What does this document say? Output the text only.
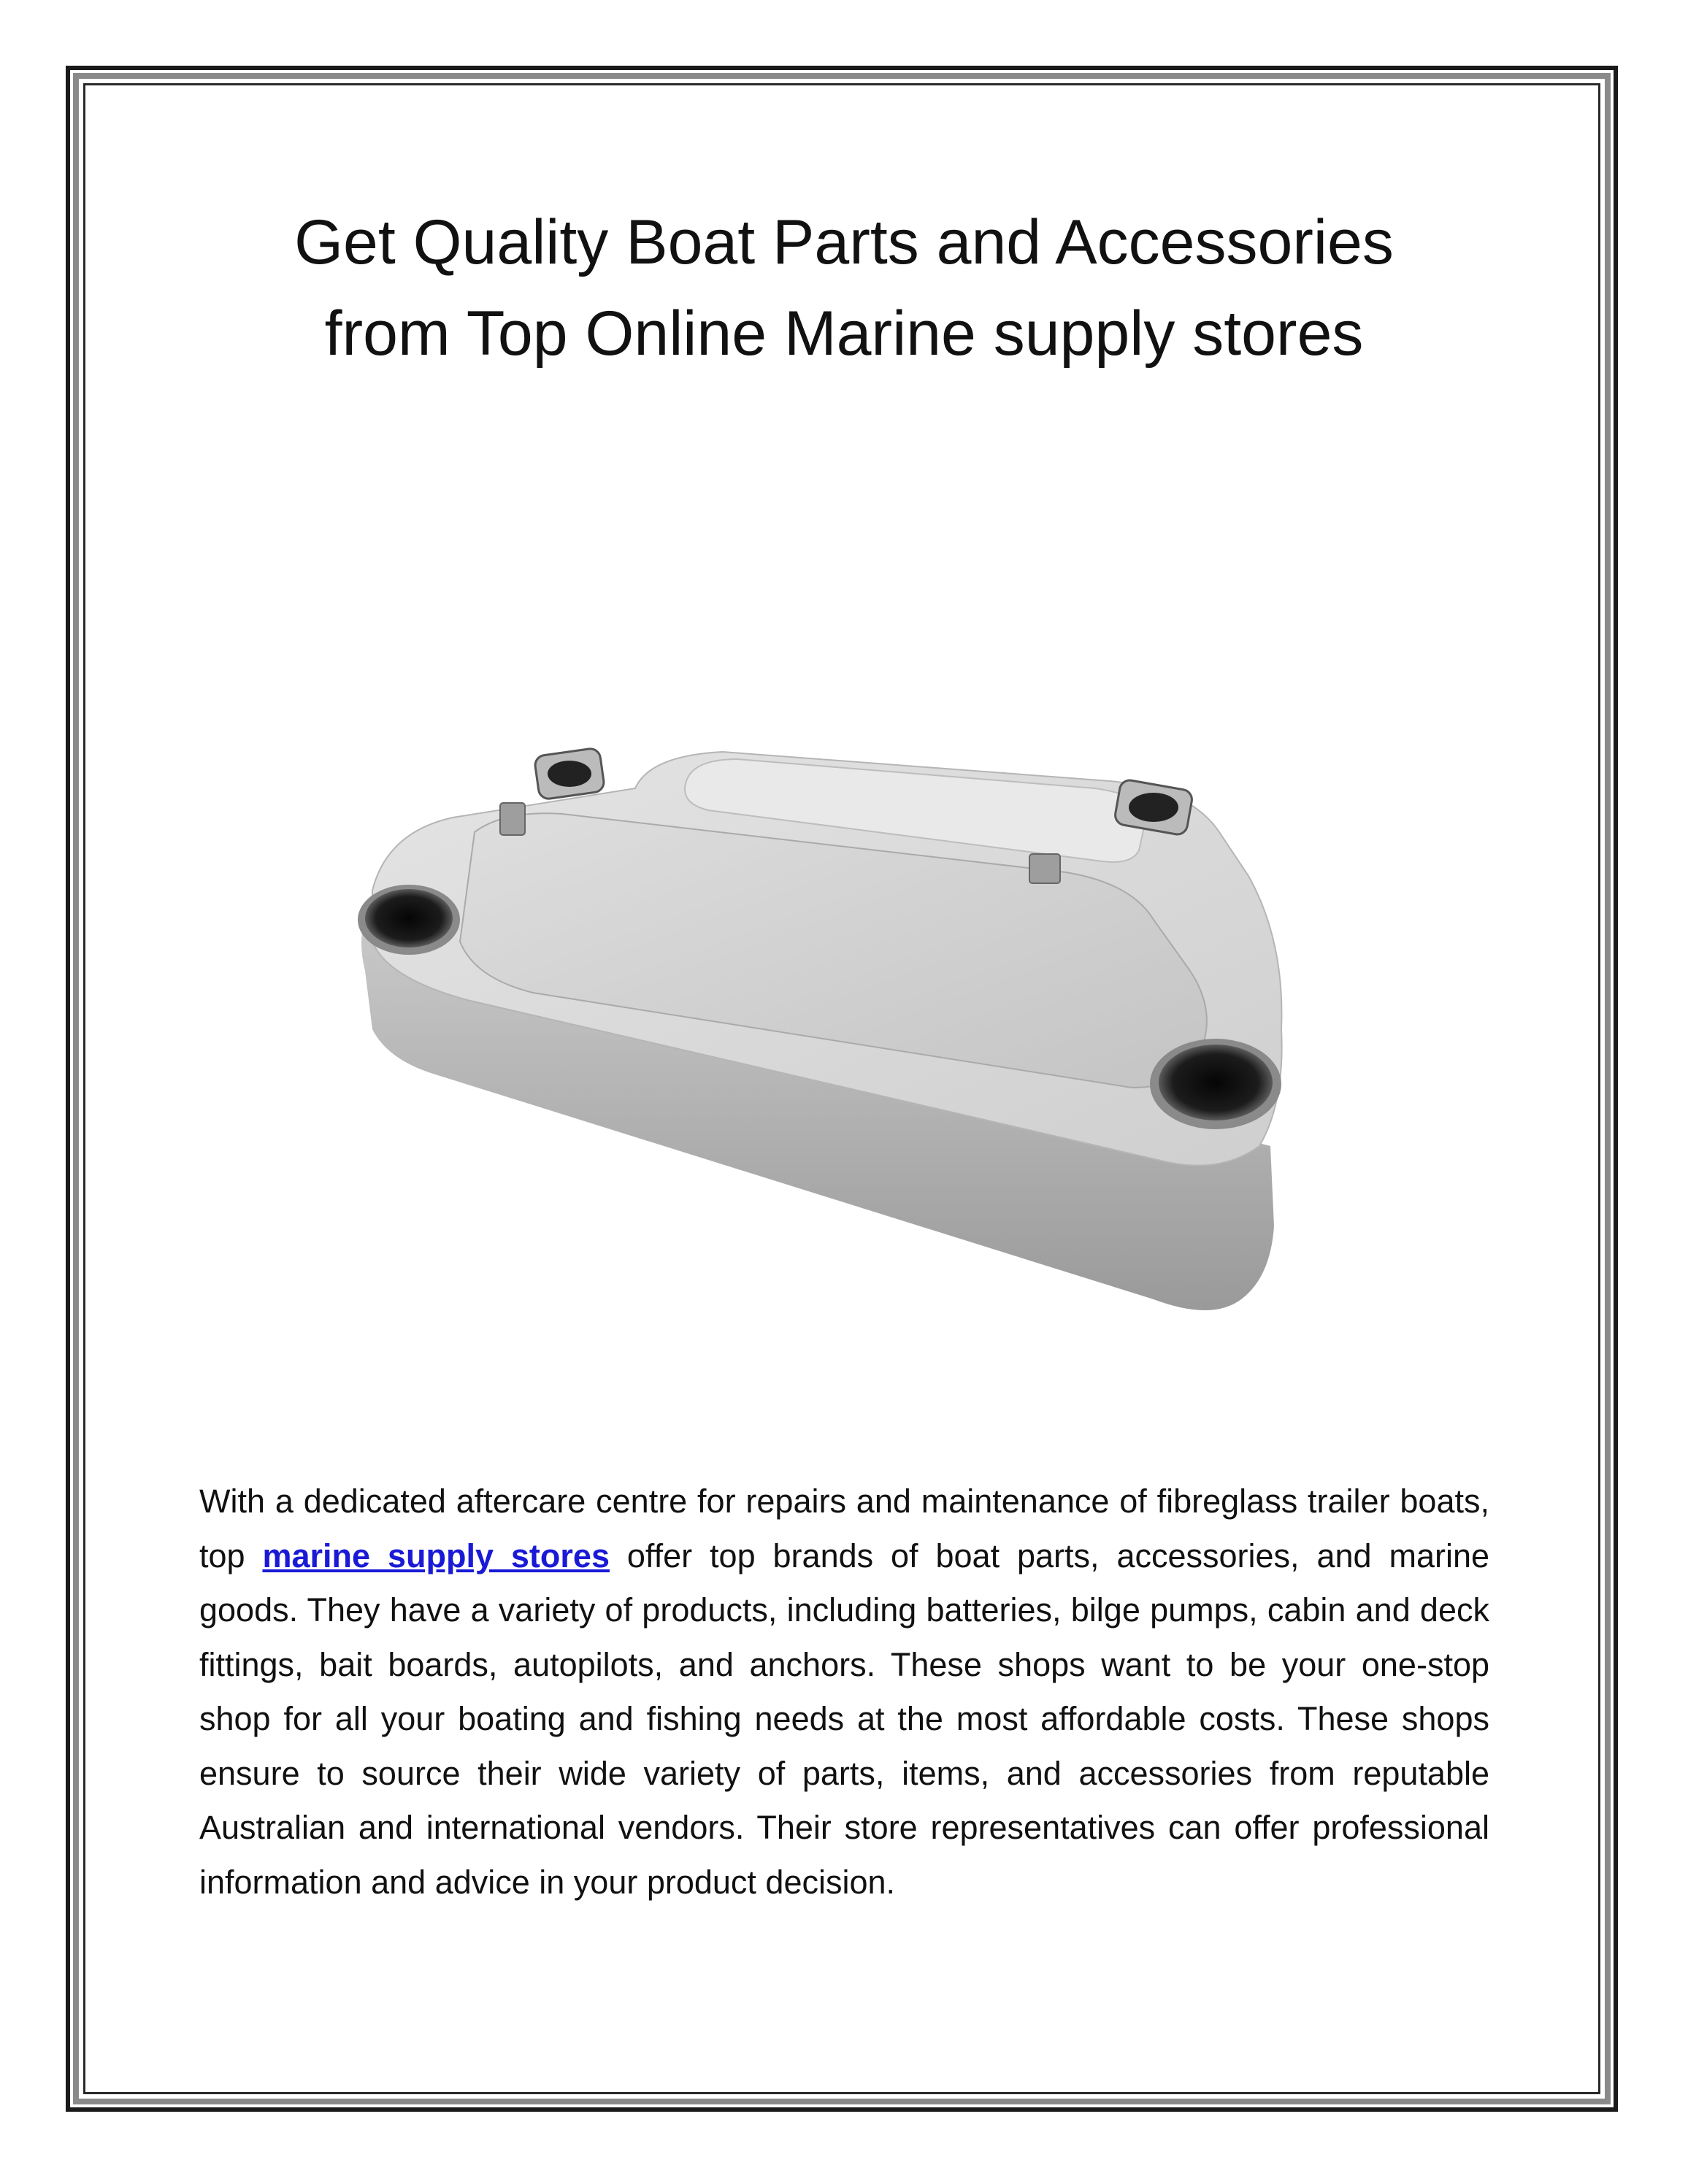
Get Quality Boat Parts and Accessories
from Top Online Marine supply stores

With a dedicated aftercare centre for repairs and maintenance of fibreglass trailer boats, top marine supply stores offer top brands of boat parts, accessories, and marine goods. They have a variety of products, including batteries, bilge pumps, cabin and deck fittings, bait boards, autopilots, and anchors. These shops want to be your one-stop shop for all your boating and fishing needs at the most affordable costs. These shops ensure to source their wide variety of parts, items, and accessories from reputable Australian and international vendors. Their store representatives can offer professional information and advice in your product decision.
